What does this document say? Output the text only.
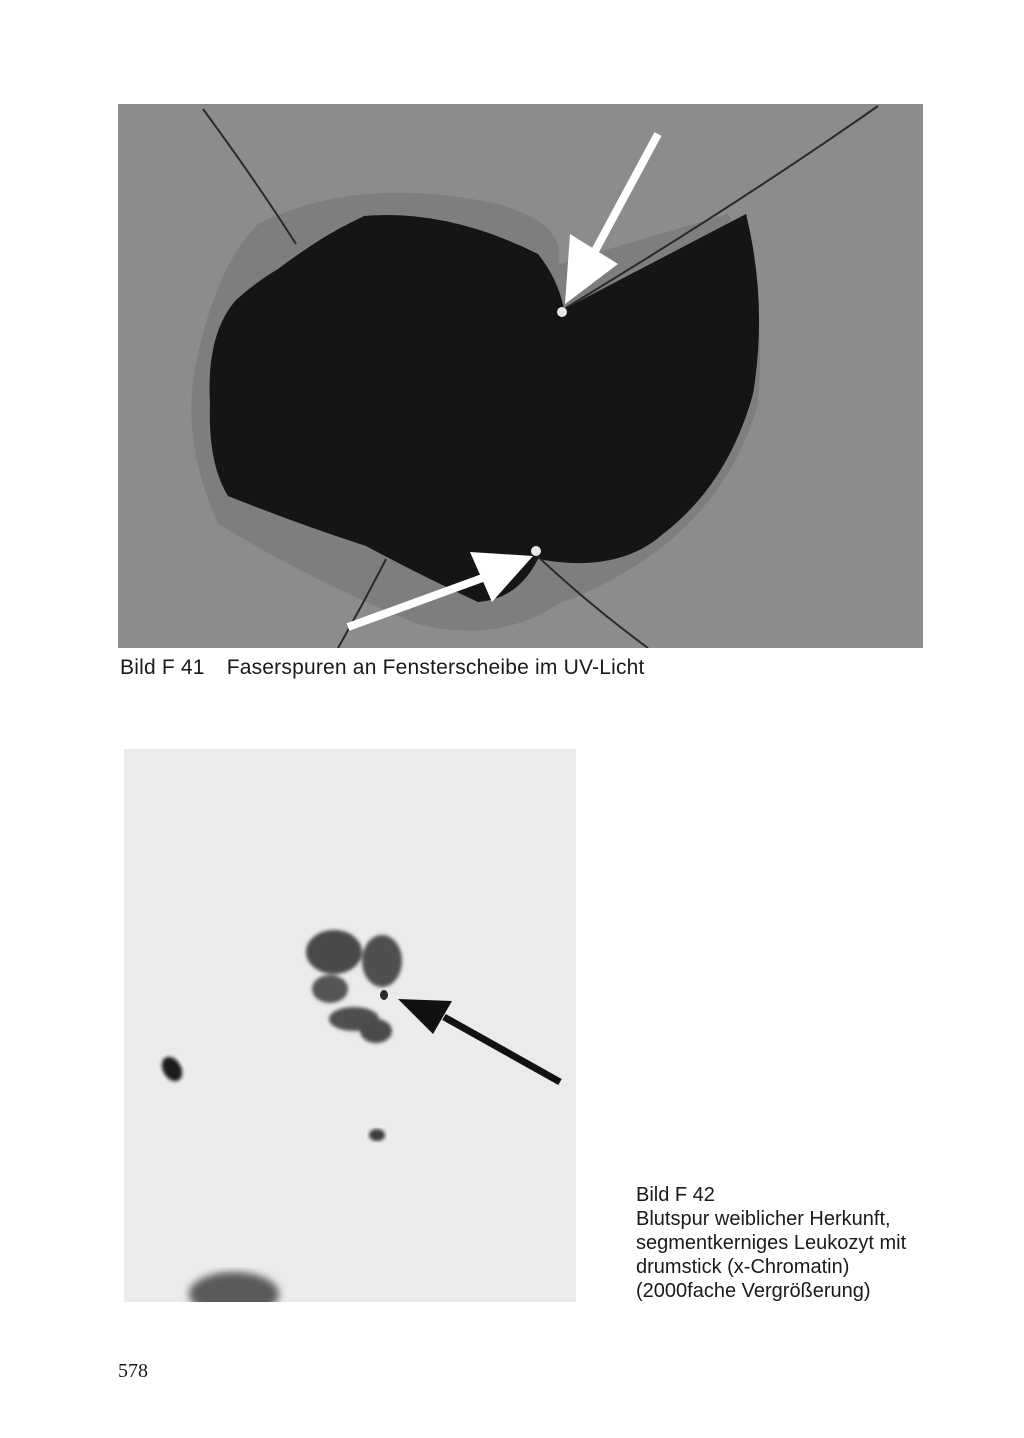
Bild F 41 Faserspuren an Fensterscheibe im UV-Licht
Bild F 42
Blutspur weiblicher Herkunft,
segmentkerniges Leukozyt mit
drumstick (x-Chromatin)
(2000fache Vergrößerung)
578
